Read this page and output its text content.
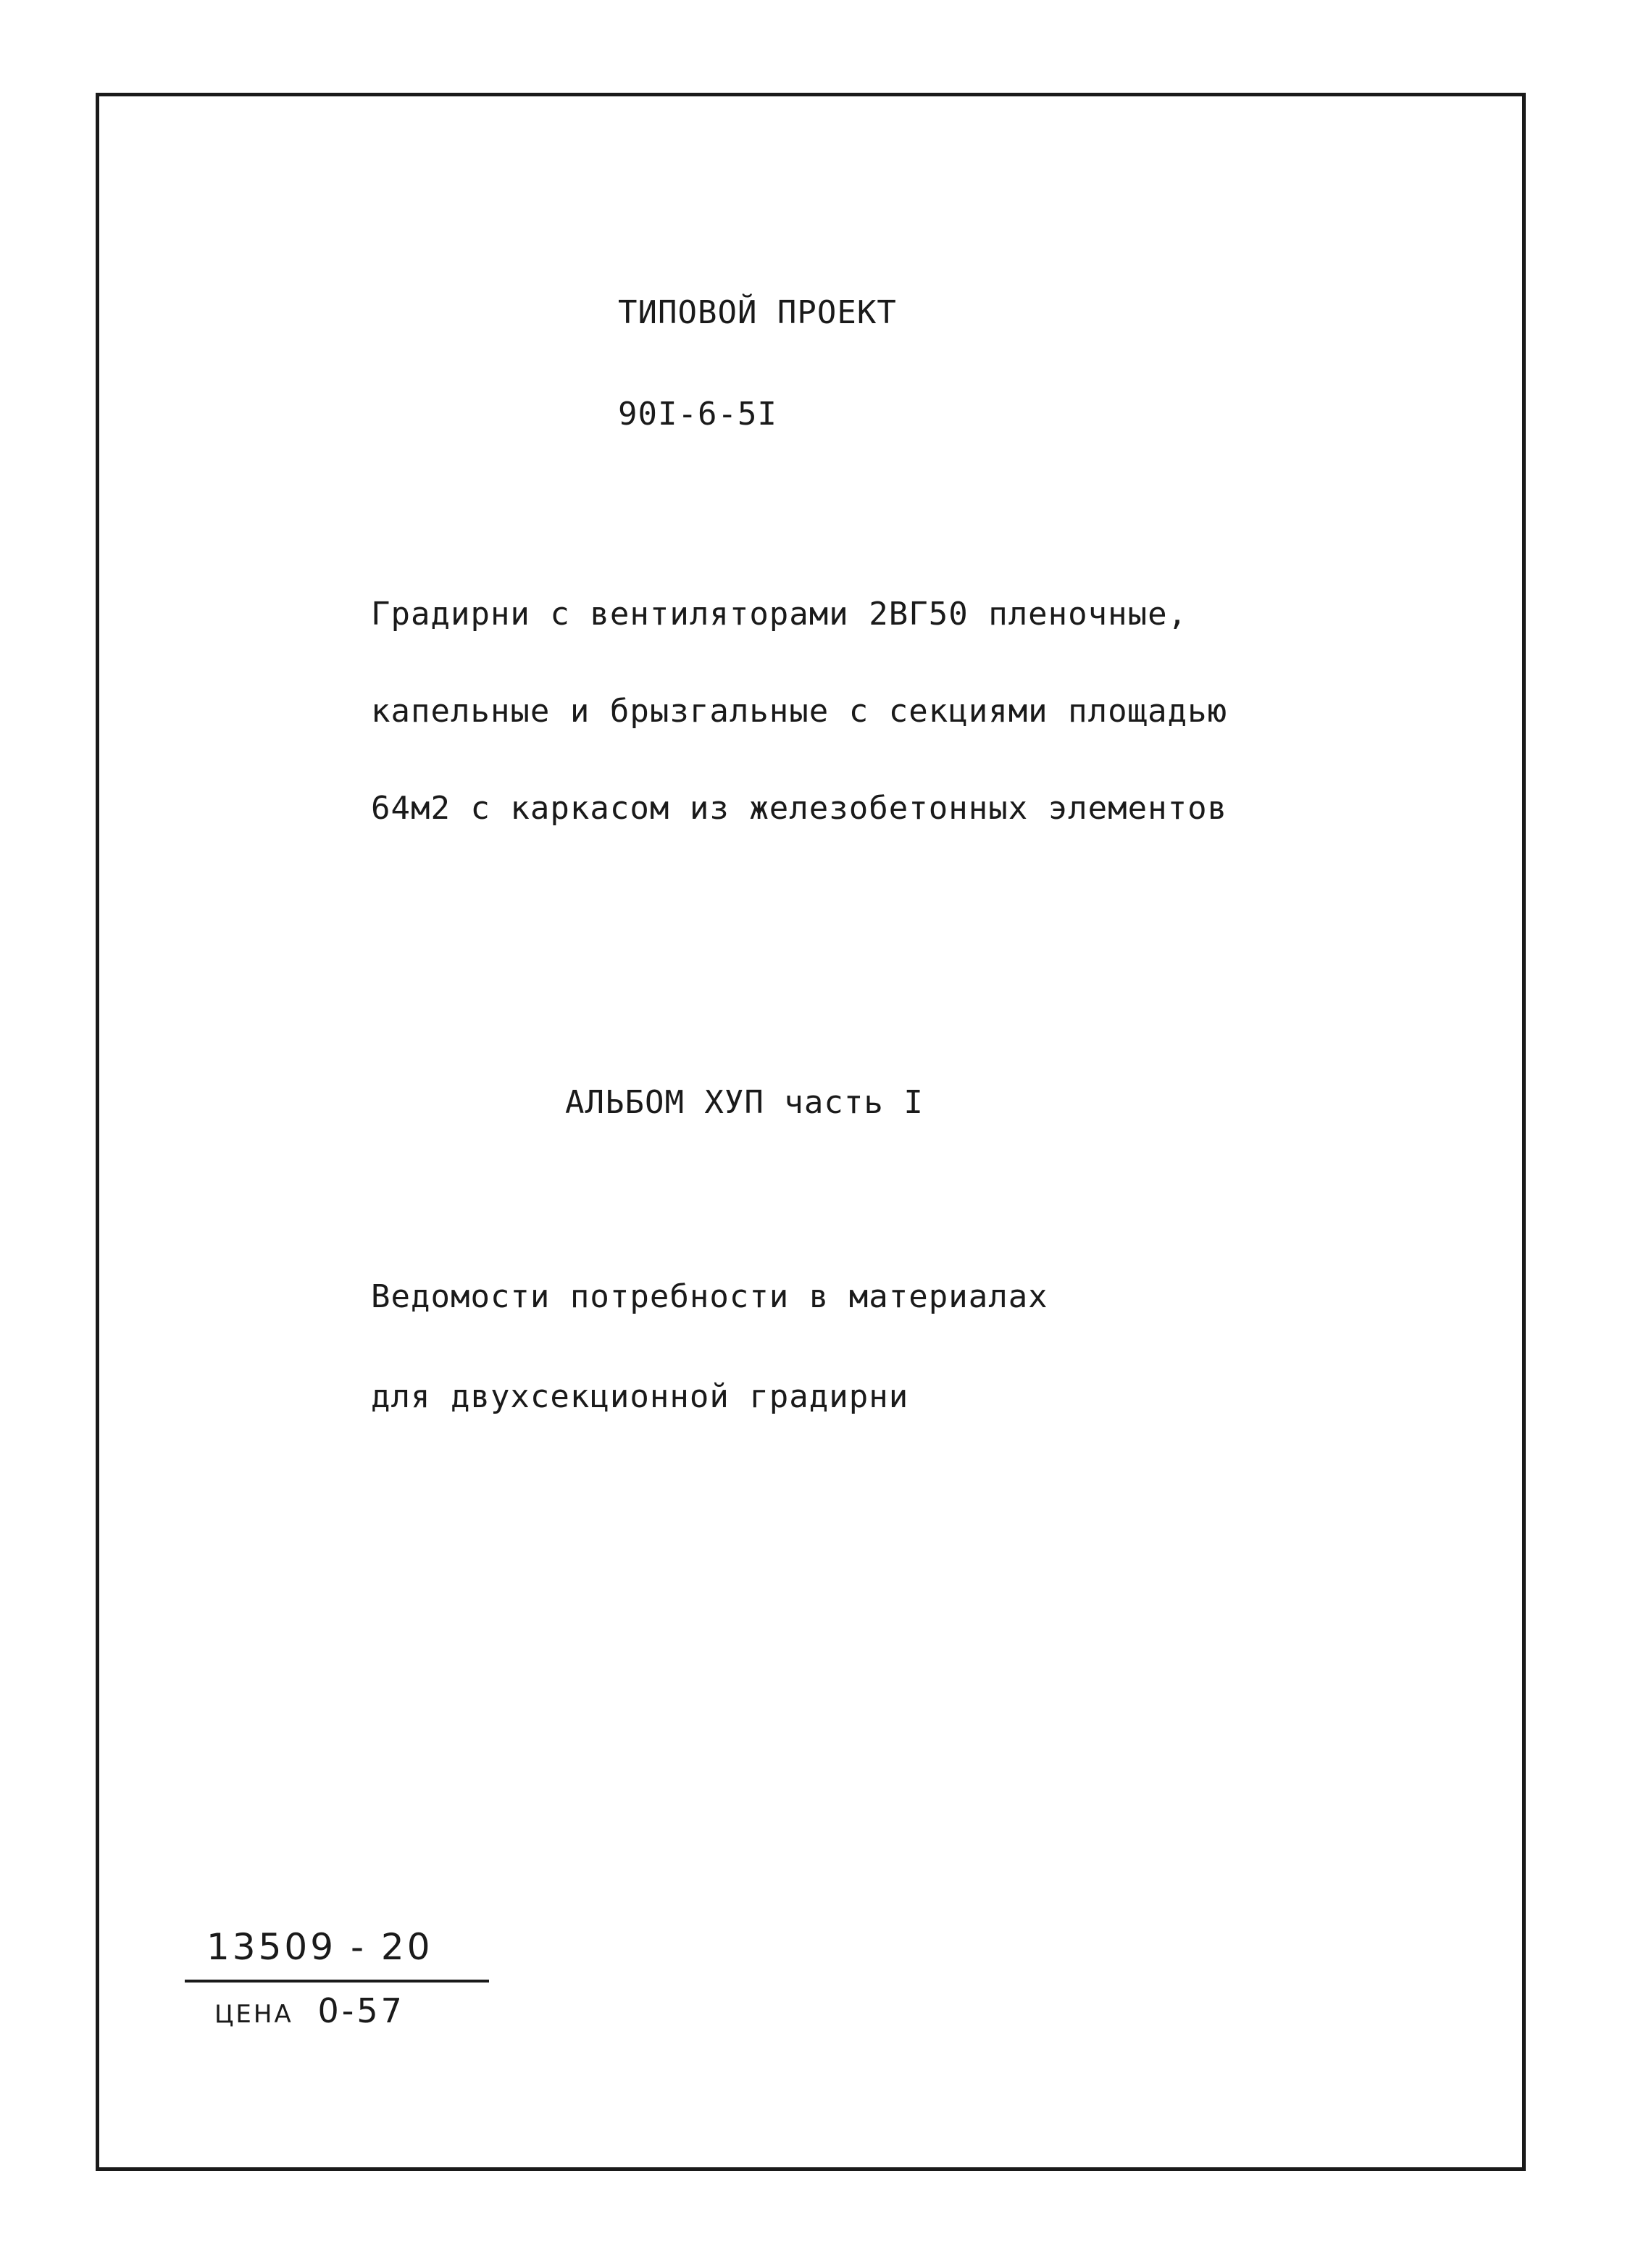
ТИПОВОЙ ПРОЕКТ
90I-6-5I
Градирни с вентиляторами 2ВГ50 пленочные,
капельные и брызгальные с секциями площадью
64м2 с каркасом из железобетонных элементов
АЛЬБОМ ХУП часть I
Ведомости потребности в материалах
для двухсекционной градирни
13509 - 20
ЦЕНА 0-57
